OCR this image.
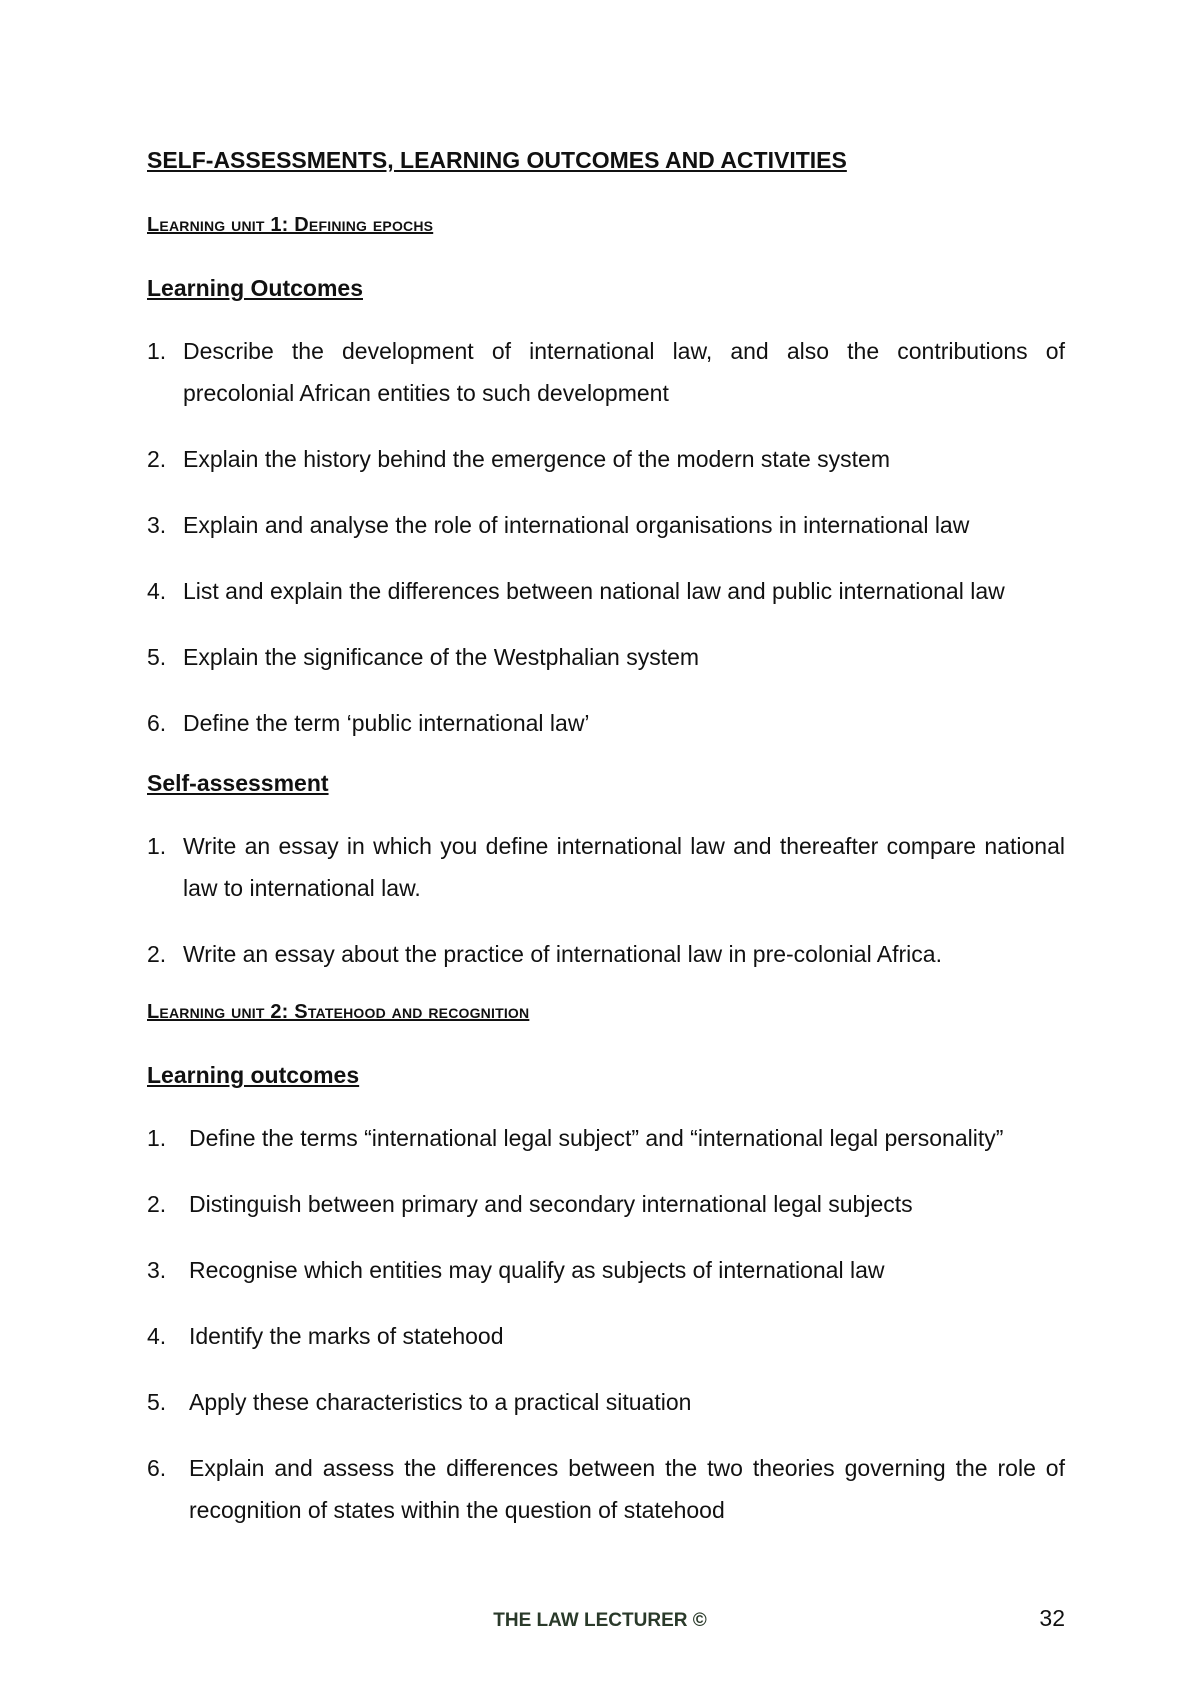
SELF-ASSESSMENTS, LEARNING OUTCOMES AND ACTIVITIES
Learning unit 1: Defining epochs
Learning Outcomes
1. Describe the development of international law, and also the contributions of precolonial African entities to such development
2. Explain the history behind the emergence of the modern state system
3. Explain and analyse the role of international organisations in international law
4. List and explain the differences between national law and public international law
5. Explain the significance of the Westphalian system
6. Define the term ‘public international law’
Self-assessment
1. Write an essay in which you define international law and thereafter compare national law to international law.
2. Write an essay about the practice of international law in pre-colonial Africa.
Learning unit 2: Statehood and recognition
Learning outcomes
1. Define the terms “international legal subject” and “international legal personality”
2. Distinguish between primary and secondary international legal subjects
3. Recognise which entities may qualify as subjects of international law
4. Identify the marks of statehood
5. Apply these characteristics to a practical situation
6. Explain and assess the differences between the two theories governing the role of recognition of states within the question of statehood
THE LAW LECTURER ©	32
